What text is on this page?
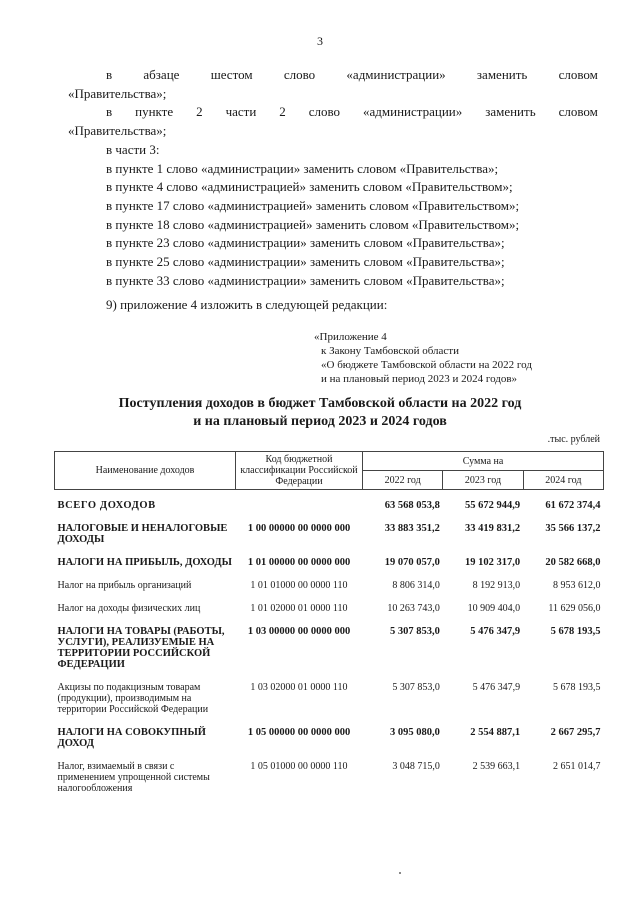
3
в абзаце шестом слово «администрации» заменить словом
«Правительства»;
в пункте 2 части 2 слово «администрации» заменить словом
«Правительства»;
в части 3:
в пункте 1 слово «администрации» заменить словом «Правительства»;
в пункте 4 слово «администрацией» заменить словом «Правительством»;
в пункте 17 слово «администрацией» заменить словом «Правительством»;
в пункте 18 слово «администрацией» заменить словом «Правительством»;
в пункте 23 слово «администрации» заменить словом «Правительства»;
в пункте 25 слово «администрации» заменить словом «Правительства»;
в пункте 33 слово «администрации» заменить словом «Правительства»;
9) приложение 4 изложить в следующей редакции:
«Приложение 4
к Закону Тамбовской области
«О бюджете Тамбовской области на 2022 год
и на плановый период 2023 и 2024 годов»
Поступления доходов в бюджет Тамбовской области на 2022 год
и на плановый период 2023 и 2024 годов
.тыс. рублей
Наименование доходов	Код бюджетной классификации Российской Федерации	Сумма на		
		2022 год	2023 год	2024 год

ВСЕГО ДОХОДОВ		63 568 053,8	55 672 944,9	61 672 374,4

НАЛОГОВЫЕ И НЕНАЛОГОВЫЕ ДОХОДЫ	1 00 00000 00 0000 000	33 883 351,2	33 419 831,2	35 566 137,2

НАЛОГИ НА ПРИБЫЛЬ, ДОХОДЫ	1 01 00000 00 0000 000	19 070 057,0	19 102 317,0	20 582 668,0

Налог на прибыль организаций	1 01 01000 00 0000 110	8 806 314,0	8 192 913,0	8 953 612,0

Налог на доходы физических лиц	1 01 02000 01 0000 110	10 263 743,0	10 909 404,0	11 629 056,0

НАЛОГИ НА ТОВАРЫ (РАБОТЫ, УСЛУГИ), РЕАЛИЗУЕМЫЕ НА ТЕРРИТОРИИ РОССИЙСКОЙ ФЕДЕРАЦИИ	1 03 00000 00 0000 000	5 307 853,0	5 476 347,9	5 678 193,5

Акцизы по подакцизным товарам (продукции), производимым на территории Российской Федерации	1 03 02000 01 0000 110	5 307 853,0	5 476 347,9	5 678 193,5

НАЛОГИ НА СОВОКУПНЫЙ ДОХОД	1 05 00000 00 0000 000	3 095 080,0	2 554 887,1	2 667 295,7

Налог, взимаемый в связи с применением упрощенной системы налогообложения	1 05 01000 00 0000 110	3 048 715,0	2 539 663,1	2 651 014,7
